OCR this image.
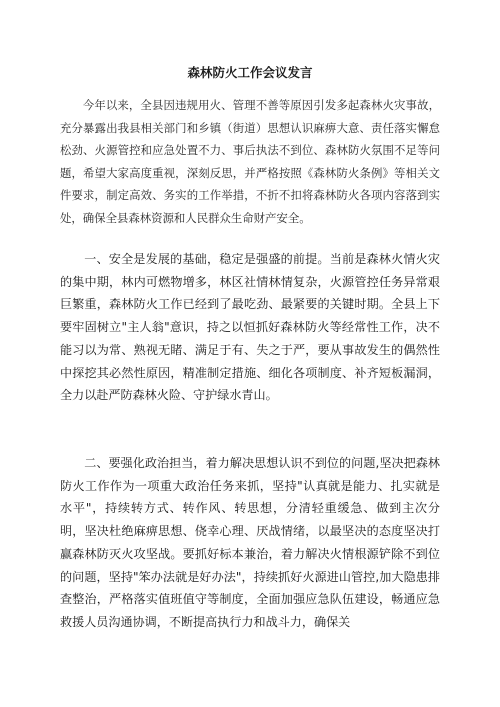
森林防火工作会议发言

今年以来，全县因违规用火、管理不善等原因引发多起森林火灾事故，充分暴露出我县相关部门和乡镇（街道）思想认识麻痹大意、责任落实懈怠松劲、火源管控和应急处置不力、事后执法不到位、森林防火氛围不足等问题，希望大家高度重视，深刻反思，并严格按照《森林防火条例》等相关文件要求，制定高效、务实的工作举措，不折不扣将森林防火各项内容落到实处，确保全县森林资源和人民群众生命财产安全。

一、安全是发展的基础，稳定是强盛的前提。当前是森林火情火灾的集中期，林内可燃物增多，林区社情林情复杂，火源管控任务异常艰巨繁重，森林防火工作已经到了最吃劲、最紧要的关键时期。全县上下要牢固树立"主人翁"意识，持之以恒抓好森林防火等经常性工作，决不能习以为常、熟视无睹、满足于有、失之于严，要从事故发生的偶然性中探挖其必然性原因，精准制定措施、细化各项制度、补齐短板漏洞，全力以赴严防森林火险、守护绿水青山。

二、要强化政治担当，着力解决思想认识不到位的问题,坚决把森林防火工作作为一项重大政治任务来抓，坚持"认真就是能力、扎实就是水平"，持续转方式、转作风、转思想，分清轻重缓急、做到主次分明，坚决杜绝麻痹思想、侥幸心理、厌战情绪，以最坚决的态度坚决打赢森林防灭火攻坚战。要抓好标本兼治，着力解决火情根源铲除不到位的问题，坚持"笨办法就是好办法"，持续抓好火源进山管控,加大隐患排查整治，严格落实值班值守等制度，全面加强应急队伍建设，畅通应急救援人员沟通协调，不断提高执行力和战斗力，确保关
